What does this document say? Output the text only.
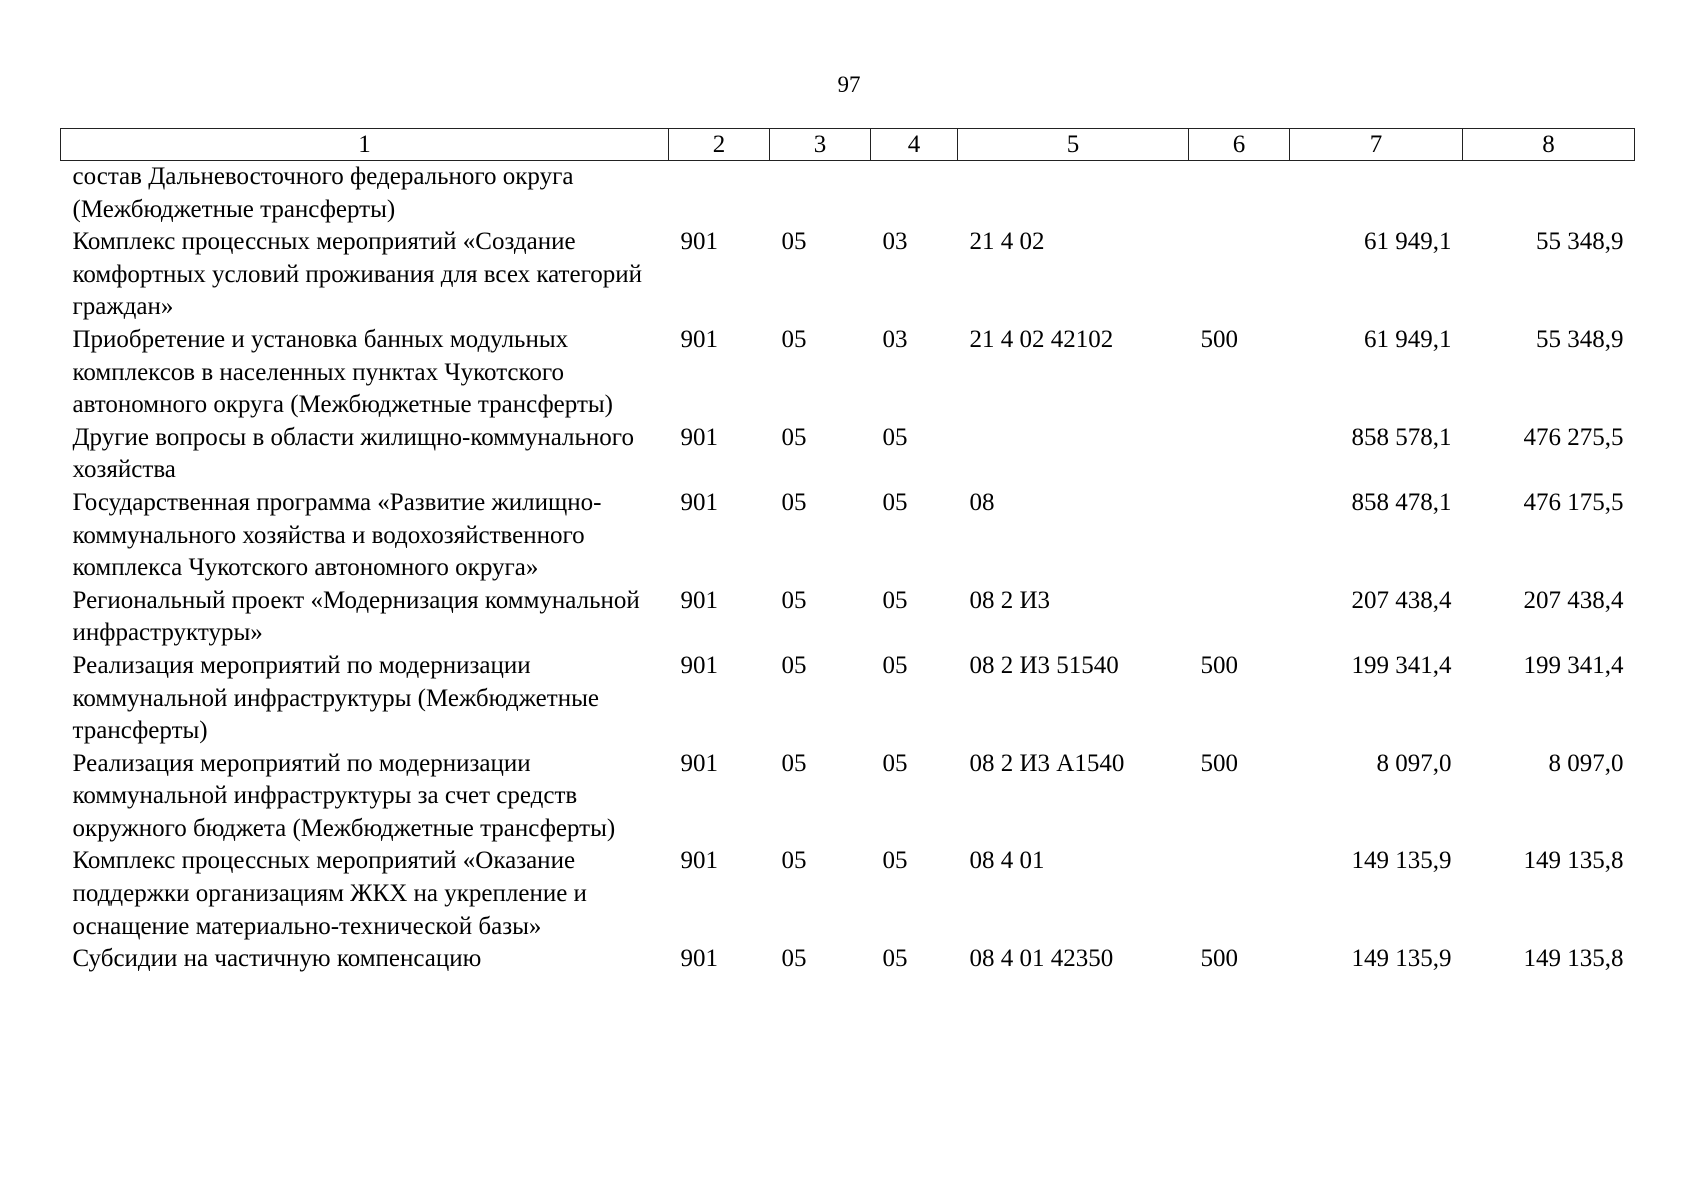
97
1	2	3	4	5	6	7	8
состав Дальневосточного федерального округа (Межбюджетные трансферты)							
Комплекс процессных мероприятий «Создание комфортных условий проживания для всех категорий граждан»	901	05	03	21 4 02		61 949,1	55 348,9
Приобретение и установка банных модульных комплексов в населенных пунктах Чукотского автономного округа (Межбюджетные трансферты)	901	05	03	21 4 02 42102	500	61 949,1	55 348,9
Другие вопросы в области жилищно-коммунального хозяйства	901	05	05			858 578,1	476 275,5
Государственная программа «Развитие жилищно-коммунального хозяйства и водохозяйственного комплекса Чукотского автономного округа»	901	05	05	08		858 478,1	476 175,5
Региональный проект «Модернизация коммунальной инфраструктуры»	901	05	05	08 2 И3		207 438,4	207 438,4
Реализация мероприятий по модернизации коммунальной инфраструктуры (Межбюджетные трансферты)	901	05	05	08 2 И3 51540	500	199 341,4	199 341,4
Реализация мероприятий по модернизации коммунальной инфраструктуры за счет средств окружного бюджета (Межбюджетные трансферты)	901	05	05	08 2 И3 А1540	500	8 097,0	8 097,0
Комплекс процессных мероприятий «Оказание поддержки организациям ЖКХ на укрепление и оснащение материально-технической базы»	901	05	05	08 4 01		149 135,9	149 135,8
Субсидии на частичную компенсацию	901	05	05	08 4 01 42350	500	149 135,9	149 135,8
